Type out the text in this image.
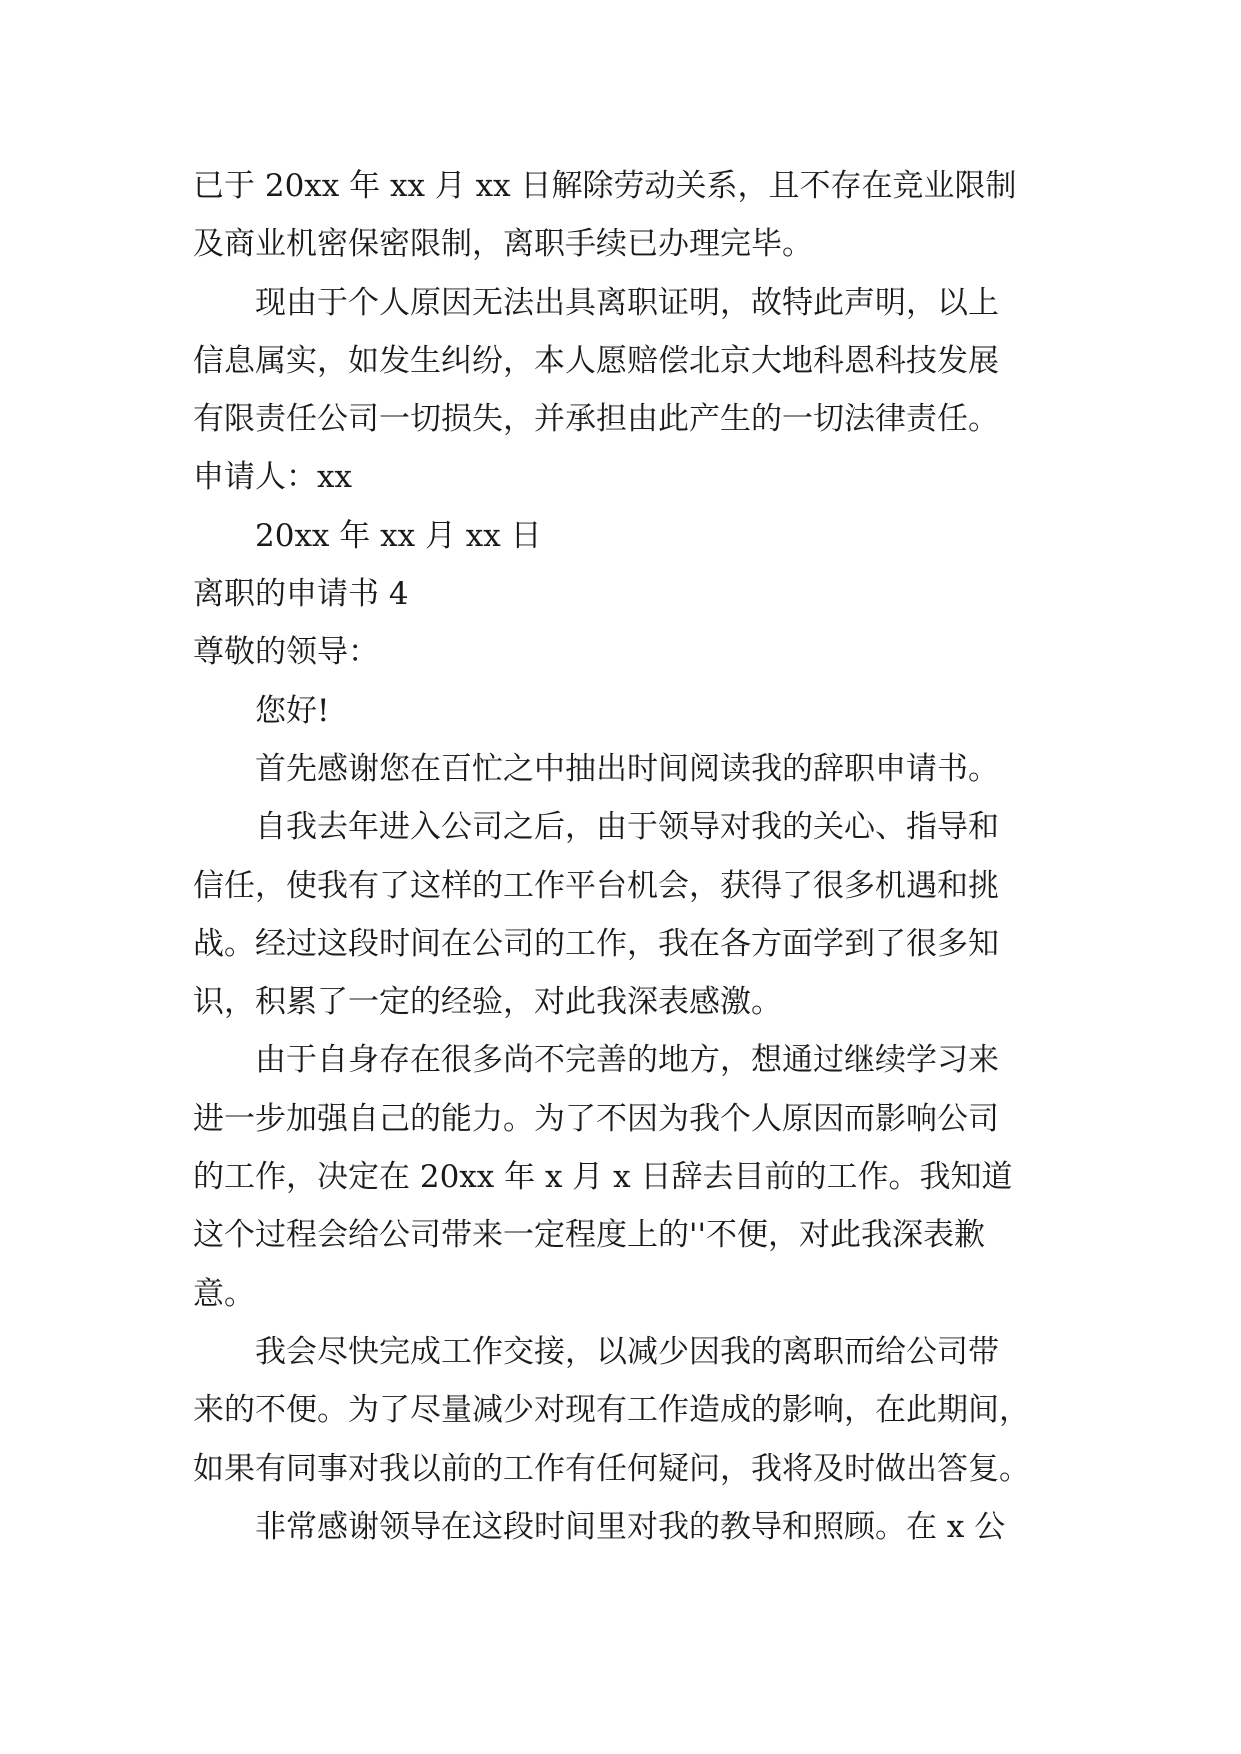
已于 20xx 年 xx 月 xx 日解除劳动关系，且不存在竞业限制
及商业机密保密限制，离职手续已办理完毕。
现由于个人原因无法出具离职证明，故特此声明，以上
信息属实，如发生纠纷，本人愿赔偿北京大地科恩科技发展
有限责任公司一切损失，并承担由此产生的一切法律责任。
申请人：xx
20xx 年 xx 月 xx 日
离职的申请书 4
尊敬的领导：
您好!
首先感谢您在百忙之中抽出时间阅读我的辞职申请书。
自我去年进入公司之后，由于领导对我的关心、指导和
信任，使我有了这样的工作平台机会，获得了很多机遇和挑
战。经过这段时间在公司的工作，我在各方面学到了很多知
识，积累了一定的经验，对此我深表感激。
由于自身存在很多尚不完善的地方，想通过继续学习来
进一步加强自己的能力。为了不因为我个人原因而影响公司
的工作，决定在 20xx 年 x 月 x 日辞去目前的工作。我知道
这个过程会给公司带来一定程度上的''不便，对此我深表歉
意。
我会尽快完成工作交接，以减少因我的离职而给公司带
来的不便。为了尽量减少对现有工作造成的影响，在此期间，
如果有同事对我以前的工作有任何疑问，我将及时做出答复。
非常感谢领导在这段时间里对我的教导和照顾。在 x 公
